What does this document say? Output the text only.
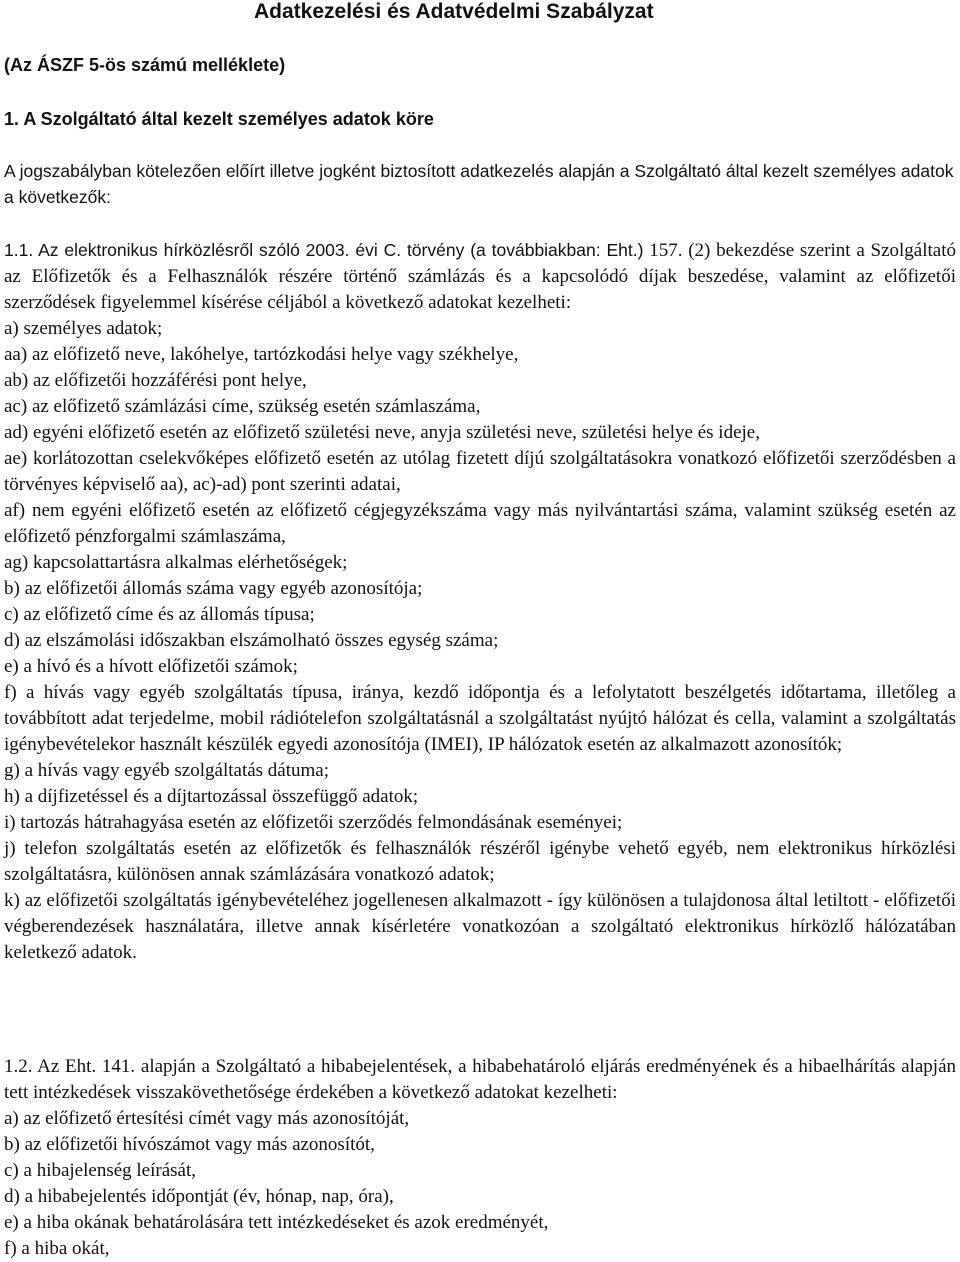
Adatkezelési és Adatvédelmi Szabályzat

(Az ÁSZF 5-ös számú melléklete)

1. A Szolgáltató által kezelt személyes adatok köre

A jogszabályban kötelezően előírt illetve jogként biztosított adatkezelés alapján a Szolgáltató által kezelt személyes adatok a következők:

1.1. Az elektronikus hírközlésről szóló 2003. évi C. törvény (a továbbiakban: Eht.) 157. (2) bekezdése szerint a Szolgáltató az Előfizetők és a Felhasználók részére történő számlázás és a kapcsolódó díjak beszedése, valamint az előfizetői szerződések figyelemmel kísérése céljából a következő adatokat kezelheti:

a) személyes adatok;

aa) az előfizető neve, lakóhelye, tartózkodási helye vagy székhelye,

ab) az előfizetői hozzáférési pont helye,

ac) az előfizető számlázási címe, szükség esetén számlaszáma,

ad) egyéni előfizető esetén az előfizető születési neve, anyja születési neve, születési helye és ideje,

ae) korlátozottan cselekvőképes előfizető esetén az utólag fizetett díjú szolgáltatásokra vonatkozó előfizetői szerződésben a törvényes képviselő aa), ac)-ad) pont szerinti adatai,

af) nem egyéni előfizető esetén az előfizető cégjegyzékszáma vagy más nyilvántartási száma, valamint szükség esetén az előfizető pénzforgalmi számlaszáma,

ag) kapcsolattartásra alkalmas elérhetőségek;

b) az előfizetői állomás száma vagy egyéb azonosítója;

c) az előfizető címe és az állomás típusa;

d) az elszámolási időszakban elszámolható összes egység száma;

e) a hívó és a hívott előfizetői számok;

f) a hívás vagy egyéb szolgáltatás típusa, iránya, kezdő időpontja és a lefolytatott beszélgetés időtartama, illetőleg a továbbított adat terjedelme, mobil rádiótelefon szolgáltatásnál a szolgáltatást nyújtó hálózat és cella, valamint a szolgáltatás igénybevételekor használt készülék egyedi azonosítója (IMEI), IP hálózatok esetén az alkalmazott azonosítók;

g) a hívás vagy egyéb szolgáltatás dátuma;

h) a díjfizetéssel és a díjtartozással összefüggő adatok;

i) tartozás hátrahagyása esetén az előfizetői szerződés felmondásának eseményei;

j) telefon szolgáltatás esetén az előfizetők és felhasználók részéről igénybe vehető egyéb, nem elektronikus hírközlési szolgáltatásra, különösen annak számlázására vonatkozó adatok;

k) az előfizetői szolgáltatás igénybevételéhez jogellenesen alkalmazott - így különösen a tulajdonosa által letiltott - előfizetői végberendezések használatára, illetve annak kísérletére vonatkozóan a szolgáltató elektronikus hírközlő hálózatában keletkező adatok.

1.2. Az Eht. 141. alapján a Szolgáltató a hibabejelentések, a hibabehatároló eljárás eredményének és a hibaelhárítás alapján tett intézkedések visszakövethetősége érdekében a következő adatokat kezelheti:

a) az előfizető értesítési címét vagy más azonosítóját,

b) az előfizetői hívószámot vagy más azonosítót,

c) a hibajelenség leírását,

d) a hibabejelentés időpontját (év, hónap, nap, óra),

e) a hiba okának behatárolására tett intézkedéseket és azok eredményét,

f) a hiba okát,
